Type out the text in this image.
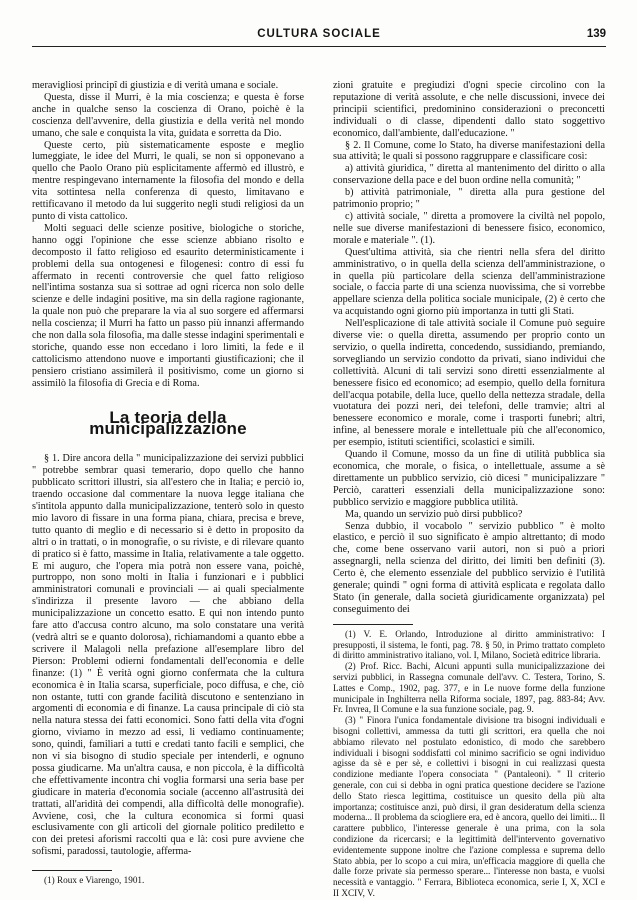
CULTURA SOCIALE	139

meravigliosi principî di giustizia e di verità umana e sociale.

Questa, disse il Murri, è la mia coscienza; e questa è forse anche in qualche senso la coscienza di Orano, poichè è la coscienza dell'avvenire, della giustizia e della verità nel mondo umano, che sale e conquista la vita, guidata e sorretta da Dio.

Queste certo, più sistematicamente esposte e meglio lumeggiate, le idee del Murri, le quali, se non si opponevano a quello che Paolo Orano più esplicitamente affermò ed illustrò, e mentre respingevano internamente la filosofia del mondo e della vita sottintesa nella conferenza di questo, limitavano e rettificavano il metodo da lui suggerito negli studi religiosi da un punto di vista cattolico.

Molti seguaci delle scienze positive, biologiche o storiche, hanno oggi l'opinione che esse scienze abbiano risolto e decomposto il fatto religioso ed esaurito deterministicamente i problemi della sua ontogenesi e filogenesi: contro di essi fu affermato in recenti controversie che quel fatto religioso nell'intima sostanza sua si sottrae ad ogni ricerca non solo delle scienze e delle indagini positive, ma sin della ragione ragionante, la quale non può che preparare la via al suo sorgere ed affermarsi nella coscienza; il Murri ha fatto un passo più innanzi affermando che non dalla sola filosofia, ma dalle stesse indagini sperimentali e storiche, quando esse non eccedano i loro limiti, la fede e il cattolicismo attendono nuove e importanti giustificazioni; che il pensiero cristiano assimilerà il positivismo, come un giorno si assimilò la filosofia di Grecia e di Roma.

La teoria della municipalizzazione

§ 1. Dire ancora della " municipalizzazione dei servizi pubblici " potrebbe sembrar quasi temerario, dopo quello che hanno pubblicato scrittori illustri, sia all'estero che in Italia; e perciò io, traendo occasione dal commentare la nuova legge italiana che s'intitola appunto dalla municipalizzazione, tenterò solo in questo mio lavoro di fissare in una forma piana, chiara, precisa e breve, tutto quanto di meglio e di necessario si è detto in proposito da altri o in trattati, o in monografie, o su riviste, e di rilevare quanto di pratico si è fatto, massime in Italia, relativamente a tale oggetto. E mi auguro, che l'opera mia potrà non essere vana, poichè, purtroppo, non sono molti in Italia i funzionari e i pubblici amministratori comunali e provinciali — ai quali specialmente s'indirizza il presente lavoro — che abbiano della municipalizzazione un concetto esatto. E qui non intendo punto fare atto d'accusa contro alcuno, ma solo constatare una verità (vedrà altri se e quanto dolorosa), richiamandomi a quanto ebbe a scrivere il Malagoli nella prefazione all'esemplare libro del Pierson: Problemi odierni fondamentali dell'economia e delle finanze: (1) " È verità ogni giorno confermata che la cultura economica è in Italia scarsa, superficiale, poco diffusa, e che, ciò non ostante, tutti con grande facilità discutono e sentenziano in argomenti di economia e di finanze. La causa principale di ciò sta nella natura stessa dei fatti economici. Sono fatti della vita d'ogni giorno, viviamo in mezzo ad essi, li vediamo continuamente; sono, quindi, familiari a tutti e credati tanto facili e semplici, che non vi sia bisogno di studio speciale per intenderli, e ognuno possa giudicarne. Ma un'altra causa, e non piccola, è la difficoltà che effettivamente incontra chi voglia formarsi una seria base per giudicare in materia d'economia sociale (accenno all'astrusità dei trattati, all'aridità dei compendi, alla difficoltà delle monografie). Avviene, così, che la cultura economica si formi quasi esclusivamente con gli articoli del giornale politico prediletto e con dei pretesi aforismi raccolti qua e là: così pure avviene che sofismi, paradossi, tautologie, afferma-

(1) Roux e Viarengo, 1901.

zioni gratuite e pregiudizi d'ogni specie circolino con la reputazione di verità assolute, e che nelle discussioni, invece dei principii scientifici, predominino considerazioni o preconcetti individuali o di classe, dipendenti dallo stato soggettivo economico, dall'ambiente, dall'educazione. "

§ 2. Il Comune, come lo Stato, ha diverse manifestazioni della sua attività; le quali si possono raggruppare e classificare così:

a) attività giuridica, " diretta al mantenimento del diritto o alla conservazione della pace e del buon ordine nella comunità; "

b) attività patrimoniale, " diretta alla pura gestione del patrimonio proprio; "

c) attività sociale, " diretta a promovere la civiltà nel popolo, nelle sue diverse manifestazioni di benessere fisico, economico, morale e materiale ". (1).

Quest'ultima attività, sia che rientri nella sfera del diritto amministrativo, o in quella della scienza dell'amministrazione, o in quella più particolare della scienza dell'amministrazione sociale, o faccia parte di una scienza nuovissima, che si vorrebbe appellare scienza della politica sociale municipale, (2) è certo che va acquistando ogni giorno più importanza in tutti gli Stati.

Nell'esplicazione di tale attività sociale il Comune può seguire diverse vie: o quella diretta, assumendo per proprio conto un servizio, o quella indiretta, concedendo, sussidiando, premiando, sorvegliando un servizio condotto da privati, siano individui che collettività. Alcuni di tali servizi sono diretti essenzialmente al benessere fisico ed economico; ad esempio, quello della fornitura dell'acqua potabile, della luce, quello della nettezza stradale, della vuotatura dei pozzi neri, dei telefoni, delle tramvie; altri al benessere economico e morale, come i trasporti funebri; altri, infine, al benessere morale e intellettuale più che all'economico, per esempio, istituti scientifici, scolastici e simili.

Quando il Comune, mosso da un fine di utilità pubblica sia economica, che morale, o fisica, o intellettuale, assume a sè direttamente un pubblico servizio, ciò dicesi " municipalizzare " Perciò, caratteri essenziali della municipalizzazione sono: pubblico servizio e maggiore pubblica utilità.

Ma, quando un servizio può dirsi pubblico?

Senza dubbio, il vocabolo " servizio pubblico " è molto elastico, e perciò il suo significato è ampio altrettanto; di modo che, come bene osservano varii autori, non si può a priori assegnargli, nella scienza del diritto, dei limiti ben definiti (3). Certo è, che elemento essenziale del pubblico servizio è l'utilità generale; quindi " ogni forma di attività esplicata e regolata dallo Stato (in generale, dalla società giuridicamente organizzata) pel conseguimento dei

(1) V. E. Orlando, Introduzione al diritto amministrativo: I presupposti, il sistema, le fonti, pag. 78. § 50, in Primo trattato completo di diritto amministrativo italiano, vol. I, Milano, Società editrice libraria.

(2) Prof. Ricc. Bachi, Alcuni appunti sulla municipalizzazione dei servizi pubblici, in Rassegna comunale dell'avv. C. Testera, Torino, S. Lattes e Comp., 1902, pag. 377, e in Le nuove forme della funzione municipale in Inghilterra nella Riforma sociale, 1897, pag. 883-84; Avv. Fr. Invrea, Il Comune e la sua funzione sociale, pag. 9.

(3) " Finora l'unica fondamentale divisione tra bisogni individuali e bisogni collettivi, ammessa da tutti gli scrittori, era quella che noi abbiamo rilevato nel postulato edonistico, di modo che sarebbero individuali i bisogni soddisfatti col minimo sacrificio se ogni individuo agisse da sè e per sè, e collettivi i bisogni in cui realizzasi questa condizione mediante l'opera consociata " (Pantaleoni). " Il criterio generale, con cui si debba in ogni pratica questione decidere se l'azione dello Stato riesca legittima, costituisce un quesito della più alta importanza; costituisce anzi, può dirsi, il gran desideratum della scienza moderna... Il problema da sciogliere era, ed è ancora, quello dei limiti... Il carattere pubblico, l'interesse generale è una prima, con la sola condizione da ricercarsi; e la legittimità dell'intervento governativo evidentemente suppone inoltre che l'azione complessa e suprema dello Stato abbia, per lo scopo a cui mira, un'efficacia maggiore di quella che dalle forze private sia permesso sperare... l'interesse non basta, e vuolsi necessità e vantaggio. " Ferrara, Biblioteca economica, serie I, X, XCI e II XCIV, V.
